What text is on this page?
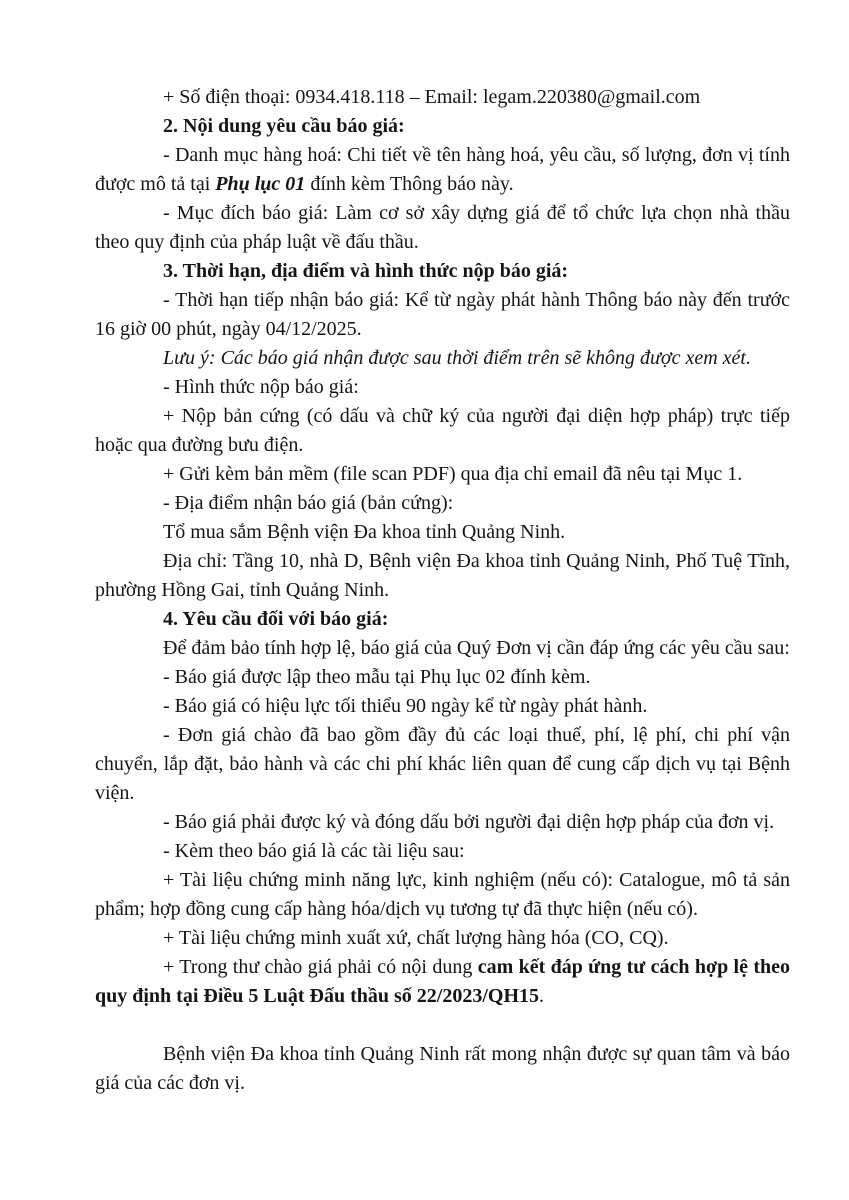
+ Số điện thoại: 0934.418.118 – Email: legam.220380@gmail.com

2. Nội dung yêu cầu báo giá:

- Danh mục hàng hoá: Chi tiết về tên hàng hoá, yêu cầu, số lượng, đơn vị tính được mô tả tại Phụ lục 01 đính kèm Thông báo này.

- Mục đích báo giá: Làm cơ sở xây dựng giá để tổ chức lựa chọn nhà thầu theo quy định của pháp luật về đấu thầu.

3. Thời hạn, địa điểm và hình thức nộp báo giá:

- Thời hạn tiếp nhận báo giá: Kể từ ngày phát hành Thông báo này đến trước 16 giờ 00 phút, ngày 04/12/2025.

Lưu ý: Các báo giá nhận được sau thời điểm trên sẽ không được xem xét.

- Hình thức nộp báo giá:

+ Nộp bản cứng (có dấu và chữ ký của người đại diện hợp pháp) trực tiếp hoặc qua đường bưu điện.

+ Gửi kèm bản mềm (file scan PDF) qua địa chỉ email đã nêu tại Mục 1.

- Địa điểm nhận báo giá (bản cứng):

Tổ mua sắm Bệnh viện Đa khoa tỉnh Quảng Ninh.

Địa chỉ: Tầng 10, nhà D, Bệnh viện Đa khoa tỉnh Quảng Ninh, Phố Tuệ Tĩnh, phường Hồng Gai, tỉnh Quảng Ninh.

4. Yêu cầu đối với báo giá:

Để đảm bảo tính hợp lệ, báo giá của Quý Đơn vị cần đáp ứng các yêu cầu sau:

- Báo giá được lập theo mẫu tại Phụ lục 02 đính kèm.

- Báo giá có hiệu lực tối thiểu 90 ngày kể từ ngày phát hành.

- Đơn giá chào đã bao gồm đầy đủ các loại thuế, phí, lệ phí, chi phí vận chuyển, lắp đặt, bảo hành và các chi phí khác liên quan để cung cấp dịch vụ tại Bệnh viện.

- Báo giá phải được ký và đóng dấu bởi người đại diện hợp pháp của đơn vị.

- Kèm theo báo giá là các tài liệu sau:

+ Tài liệu chứng minh năng lực, kinh nghiệm (nếu có): Catalogue, mô tả sản phẩm; hợp đồng cung cấp hàng hóa/dịch vụ tương tự đã thực hiện (nếu có).

+ Tài liệu chứng minh xuất xứ, chất lượng hàng hóa (CO, CQ).

+ Trong thư chào giá phải có nội dung cam kết đáp ứng tư cách hợp lệ theo quy định tại Điều 5 Luật Đấu thầu số 22/2023/QH15.

Bệnh viện Đa khoa tỉnh Quảng Ninh rất mong nhận được sự quan tâm và báo giá của các đơn vị.
